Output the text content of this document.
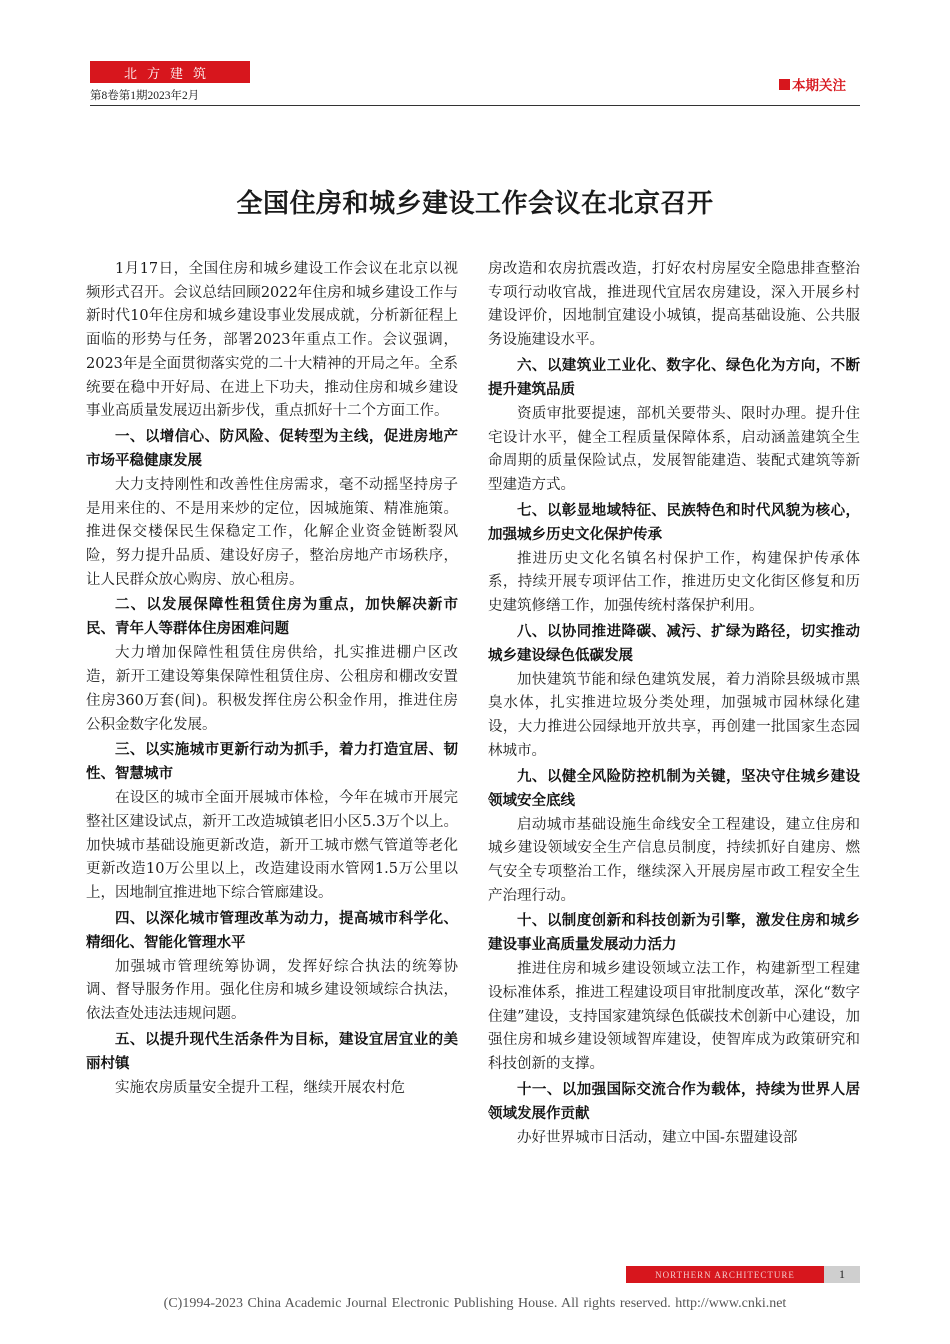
北方建筑
本期关注
第8卷第1期2023年2月
全国住房和城乡建设工作会议在北京召开

1月17日，全国住房和城乡建设工作会议在北京以视频形式召开。会议总结回顾2022年住房和城乡建设工作与新时代10年住房和城乡建设事业发展成就，分析新征程上面临的形势与任务，部署2023年重点工作。会议强调，2023年是全面贯彻落实党的二十大精神的开局之年。全系统要在稳中开好局、在进上下功夫，推动住房和城乡建设事业高质量发展迈出新步伐，重点抓好十二个方面工作。

一、以增信心、防风险、促转型为主线，促进房地产市场平稳健康发展

大力支持刚性和改善性住房需求，毫不动摇坚持房子是用来住的、不是用来炒的定位，因城施策、精准施策。推进保交楼保民生保稳定工作，化解企业资金链断裂风险，努力提升品质、建设好房子，整治房地产市场秩序，让人民群众放心购房、放心租房。

二、以发展保障性租赁住房为重点，加快解决新市民、青年人等群体住房困难问题

大力增加保障性租赁住房供给，扎实推进棚户区改造，新开工建设筹集保障性租赁住房、公租房和棚改安置住房360万套(间)。积极发挥住房公积金作用，推进住房公积金数字化发展。

三、以实施城市更新行动为抓手，着力打造宜居、韧性、智慧城市

在设区的城市全面开展城市体检，今年在城市开展完整社区建设试点，新开工改造城镇老旧小区5.3万个以上。加快城市基础设施更新改造，新开工城市燃气管道等老化更新改造10万公里以上，改造建设雨水管网1.5万公里以上，因地制宜推进地下综合管廊建设。

四、以深化城市管理改革为动力，提高城市科学化、精细化、智能化管理水平

加强城市管理统筹协调，发挥好综合执法的统筹协调、督导服务作用。强化住房和城乡建设领域综合执法，依法查处违法违规问题。

五、以提升现代生活条件为目标，建设宜居宜业的美丽村镇

实施农房质量安全提升工程，继续开展农村危

房改造和农房抗震改造，打好农村房屋安全隐患排查整治专项行动收官战，推进现代宜居农房建设，深入开展乡村建设评价，因地制宜建设小城镇，提高基础设施、公共服务设施建设水平。

六、以建筑业工业化、数字化、绿色化为方向，不断提升建筑品质

资质审批要提速，部机关要带头、限时办理。提升住宅设计水平，健全工程质量保障体系，启动涵盖建筑全生命周期的质量保险试点，发展智能建造、装配式建筑等新型建造方式。

七、以彰显地域特征、民族特色和时代风貌为核心，加强城乡历史文化保护传承

推进历史文化名镇名村保护工作，构建保护传承体系，持续开展专项评估工作，推进历史文化街区修复和历史建筑修缮工作，加强传统村落保护利用。

八、以协同推进降碳、减污、扩绿为路径，切实推动城乡建设绿色低碳发展

加快建筑节能和绿色建筑发展，着力消除县级城市黑臭水体，扎实推进垃圾分类处理，加强城市园林绿化建设，大力推进公园绿地开放共享，再创建一批国家生态园林城市。

九、以健全风险防控机制为关键，坚决守住城乡建设领域安全底线

启动城市基础设施生命线安全工程建设，建立住房和城乡建设领域安全生产信息员制度，持续抓好自建房、燃气安全专项整治工作，继续深入开展房屋市政工程安全生产治理行动。

十、以制度创新和科技创新为引擎，激发住房和城乡建设事业高质量发展动力活力

推进住房和城乡建设领域立法工作，构建新型工程建设标准体系，推进工程建设项目审批制度改革，深化“数字住建”建设，支持国家建筑绿色低碳技术创新中心建设，加强住房和城乡建设领域智库建设，使智库成为政策研究和科技创新的支撑。

十一、以加强国际交流合作为载体，持续为世界人居领域发展作贡献

办好世界城市日活动，建立中国-东盟建设部

NORTHERN ARCHITECTURE	1
(C)1994-2023 China Academic Journal Electronic Publishing House. All rights reserved. http://www.cnki.net
